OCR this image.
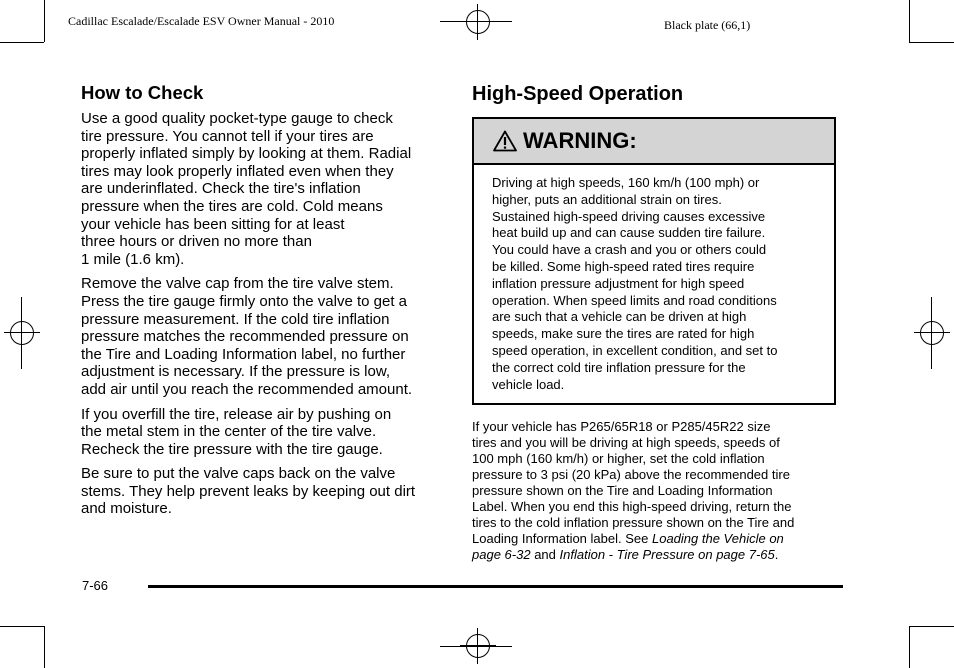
Cadillac Escalade/Escalade ESV Owner Manual - 2010	Black plate (66,1)
How to Check
Use a good quality pocket-type gauge to check
tire pressure. You cannot tell if your tires are
properly inflated simply by looking at them. Radial
tires may look properly inflated even when they
are underinflated. Check the tire's inflation
pressure when the tires are cold. Cold means
your vehicle has been sitting for at least
three hours or driven no more than
1 mile (1.6 km).
Remove the valve cap from the tire valve stem.
Press the tire gauge firmly onto the valve to get a
pressure measurement. If the cold tire inflation
pressure matches the recommended pressure on
the Tire and Loading Information label, no further
adjustment is necessary. If the pressure is low,
add air until you reach the recommended amount.
If you overfill the tire, release air by pushing on
the metal stem in the center of the tire valve.
Recheck the tire pressure with the tire gauge.
Be sure to put the valve caps back on the valve
stems. They help prevent leaks by keeping out dirt
and moisture.
High-Speed Operation
WARNING:
Driving at high speeds, 160 km/h (100 mph) or
higher, puts an additional strain on tires.
Sustained high-speed driving causes excessive
heat build up and can cause sudden tire failure.
You could have a crash and you or others could
be killed. Some high-speed rated tires require
inflation pressure adjustment for high speed
operation. When speed limits and road conditions
are such that a vehicle can be driven at high
speeds, make sure the tires are rated for high
speed operation, in excellent condition, and set to
the correct cold tire inflation pressure for the
vehicle load.
If your vehicle has P265/65R18 or P285/45R22 size
tires and you will be driving at high speeds, speeds of
100 mph (160 km/h) or higher, set the cold inflation
pressure to 3 psi (20 kPa) above the recommended tire
pressure shown on the Tire and Loading Information
Label. When you end this high-speed driving, return the
tires to the cold inflation pressure shown on the Tire and
Loading Information label. See Loading the Vehicle on
page 6-32 and Inflation - Tire Pressure on page 7-65.
7-66
